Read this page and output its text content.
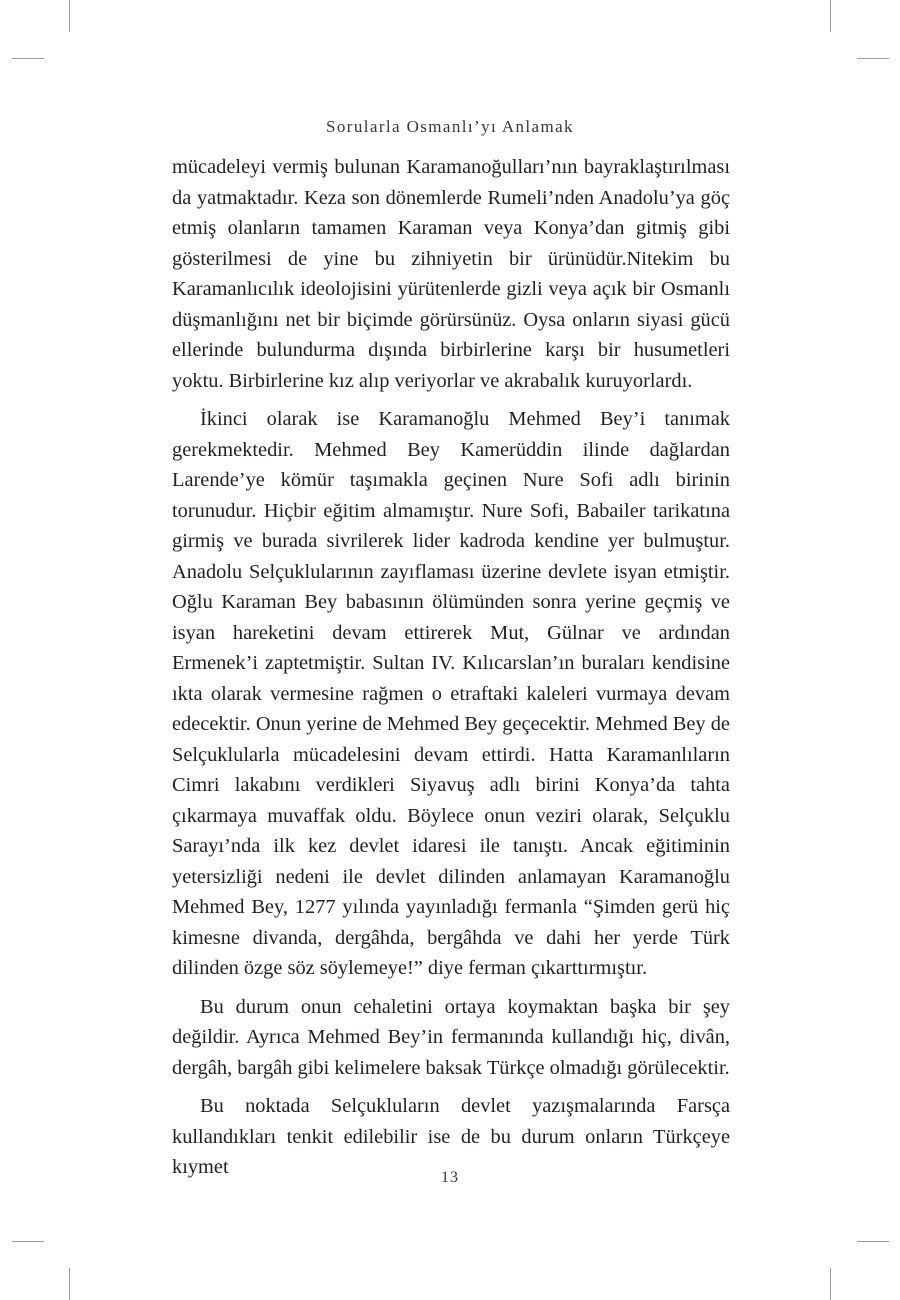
Sorularla Osmanlı’yı Anlamak

mücadeleyi vermiş bulunan Karamanoğulları’nın bayraklaştırılması da yatmaktadır. Keza son dönemlerde Rumeli’nden Anadolu’ya göç etmiş olanların tamamen Karaman veya Konya’dan gitmiş gibi gösterilmesi de yine bu zihniyetin bir ürünüdür.Nitekim bu Karamanlıcılık ideolojisini yürütenlerde gizli veya açık bir Osmanlı düşmanlığını net bir biçimde görürsünüz. Oysa onların siyasi gücü ellerinde bulundurma dışında birbirlerine karşı bir husumetleri yoktu. Birbirlerine kız alıp veriyorlar ve akrabalık kuruyorlardı.

İkinci olarak ise Karamanoğlu Mehmed Bey’i tanımak gerekmektedir. Mehmed Bey Kamerüddin ilinde dağlardan Larende’ye kömür taşımakla geçinen Nure Sofi adlı birinin torunudur. Hiçbir eğitim almamıştır. Nure Sofi, Babailer tarikatına girmiş ve burada sivrilerek lider kadroda kendine yer bulmuştur. Anadolu Selçuklularının zayıflaması üzerine devlete isyan etmiştir. Oğlu Karaman Bey babasının ölümünden sonra yerine geçmiş ve isyan hareketini devam ettirerek Mut, Gülnar ve ardından Ermenek’i zaptetmiştir. Sultan IV. Kılıcarslan’ın buraları kendisine ıkta olarak vermesine rağmen o etraftaki kaleleri vurmaya devam edecektir. Onun yerine de Mehmed Bey geçecektir. Mehmed Bey de Selçuklularla mücadelesini devam ettirdi. Hatta Karamanlıların Cimri lakabını verdikleri Siyavuş adlı birini Konya’da tahta çıkarmaya muvaffak oldu. Böylece onun veziri olarak, Selçuklu Sarayı’nda ilk kez devlet idaresi ile tanıştı. Ancak eğitiminin yetersizliği nedeni ile devlet dilinden anlamayan Karamanoğlu Mehmed Bey, 1277 yılında yayınladığı fermanla “Şimden gerü hiç kimesne divanda, dergâhda, bergâhda ve dahi her yerde Türk dilinden özge söz söylemeye!” diye ferman çıkarttırmıştır.

Bu durum onun cehaletini ortaya koymaktan başka bir şey değildir. Ayrıca Mehmed Bey’in fermanında kullandığı hiç, divân, dergâh, bargâh gibi kelimelere baksak Türkçe olmadığı görülecektir.

Bu noktada Selçukluların devlet yazışmalarında Farsça kullandıkları tenkit edilebilir ise de bu durum onların Türkçeye kıymet	13
